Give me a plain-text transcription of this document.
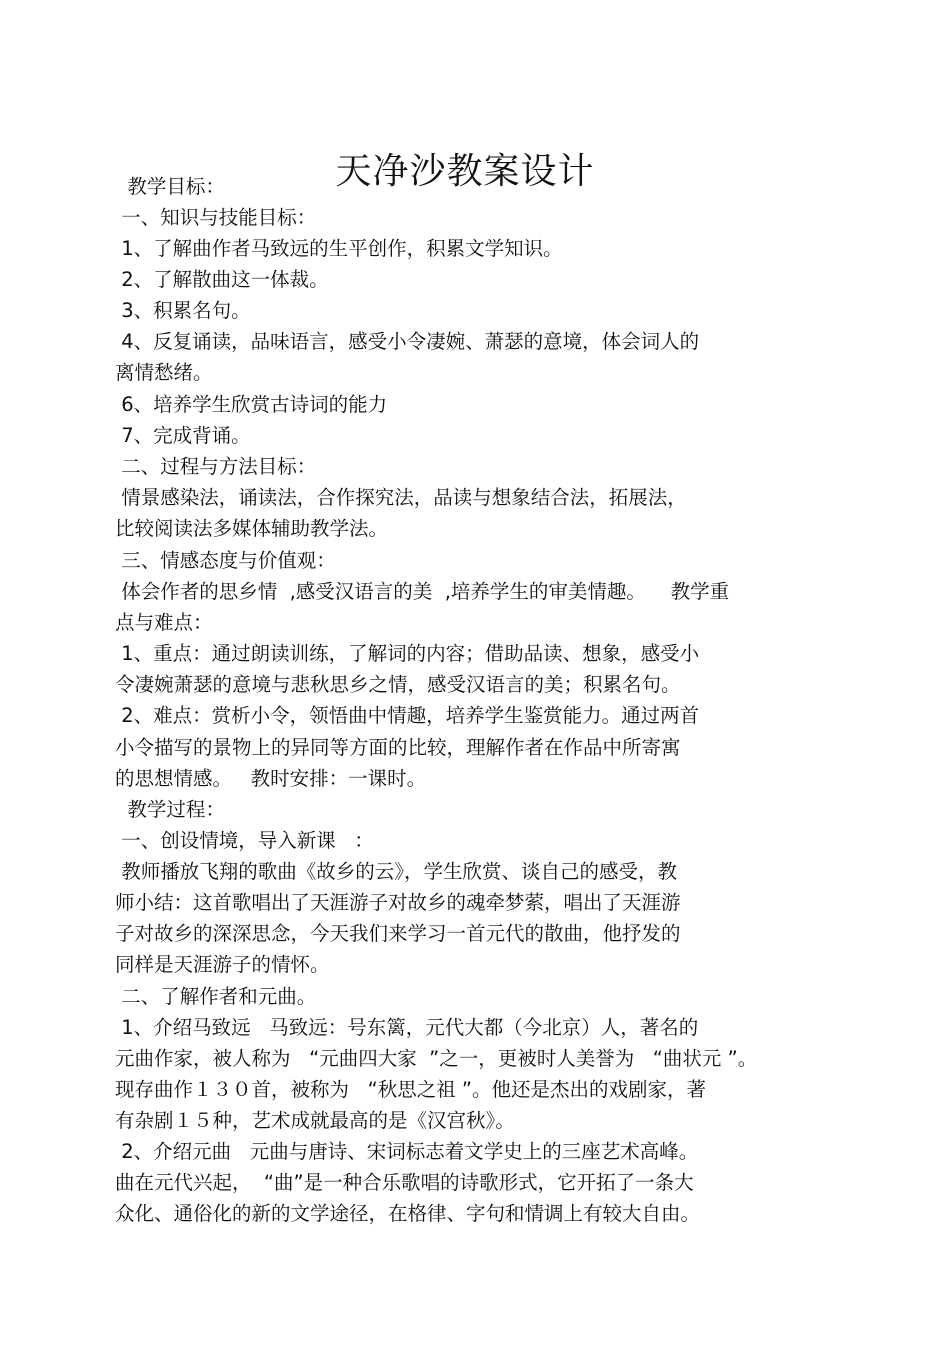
天净沙教案设计
教学目标：
一、知识与技能目标：
1、了解曲作者马致远的生平创作，积累文学知识。
2、了解散曲这一体裁。
3、积累名句。
4、反复诵读，品味语言，感受小令凄婉、萧瑟的意境，体会词人的
离情愁绪。
6、培养学生欣赏古诗词的能力
7、完成背诵。
二、过程与方法目标：
情景感染法，诵读法，合作探究法，品读与想象结合法，拓展法，
比较阅读法多媒体辅助教学法。
三、情感态度与价值观：
体会作者的思乡情  ,感受汉语言的美  ,培养学生的审美情趣。    教学重
点与难点：
1、重点：通过朗读训练，了解词的内容；借助品读、想象，感受小
令凄婉萧瑟的意境与悲秋思乡之情，感受汉语言的美；积累名句。
2、难点：赏析小令，领悟曲中情趣，培养学生鉴赏能力。通过两首
小令描写的景物上的异同等方面的比较，理解作者在作品中所寄寓
的思想情感。   教时安排：一课时。
教学过程：
一、创设情境，导入新课   ：
教师播放飞翔的歌曲《故乡的云》，学生欣赏、谈自己的感受，教
师小结：这首歌唱出了天涯游子对故乡的魂牵梦萦，唱出了天涯游
子对故乡的深深思念，今天我们来学习一首元代的散曲，他抒发的
同样是天涯游子的情怀。
二、了解作者和元曲。
1、介绍马致远   马致远：号东篱，元代大都（今北京）人，著名的
元曲作家，被人称为   “元曲四大家  ”之一，更被时人美誉为   “曲状元 ”。
现存曲作１３０首，被称为   “秋思之祖 ”。他还是杰出的戏剧家，著
有杂剧１５种，艺术成就最高的是《汉宫秋》。
2、介绍元曲   元曲与唐诗、宋词标志着文学史上的三座艺术高峰。
曲在元代兴起，  “曲”是一种合乐歌唱的诗歌形式，它开拓了一条大
众化、通俗化的新的文学途径，在格律、字句和情调上有较大自由。
